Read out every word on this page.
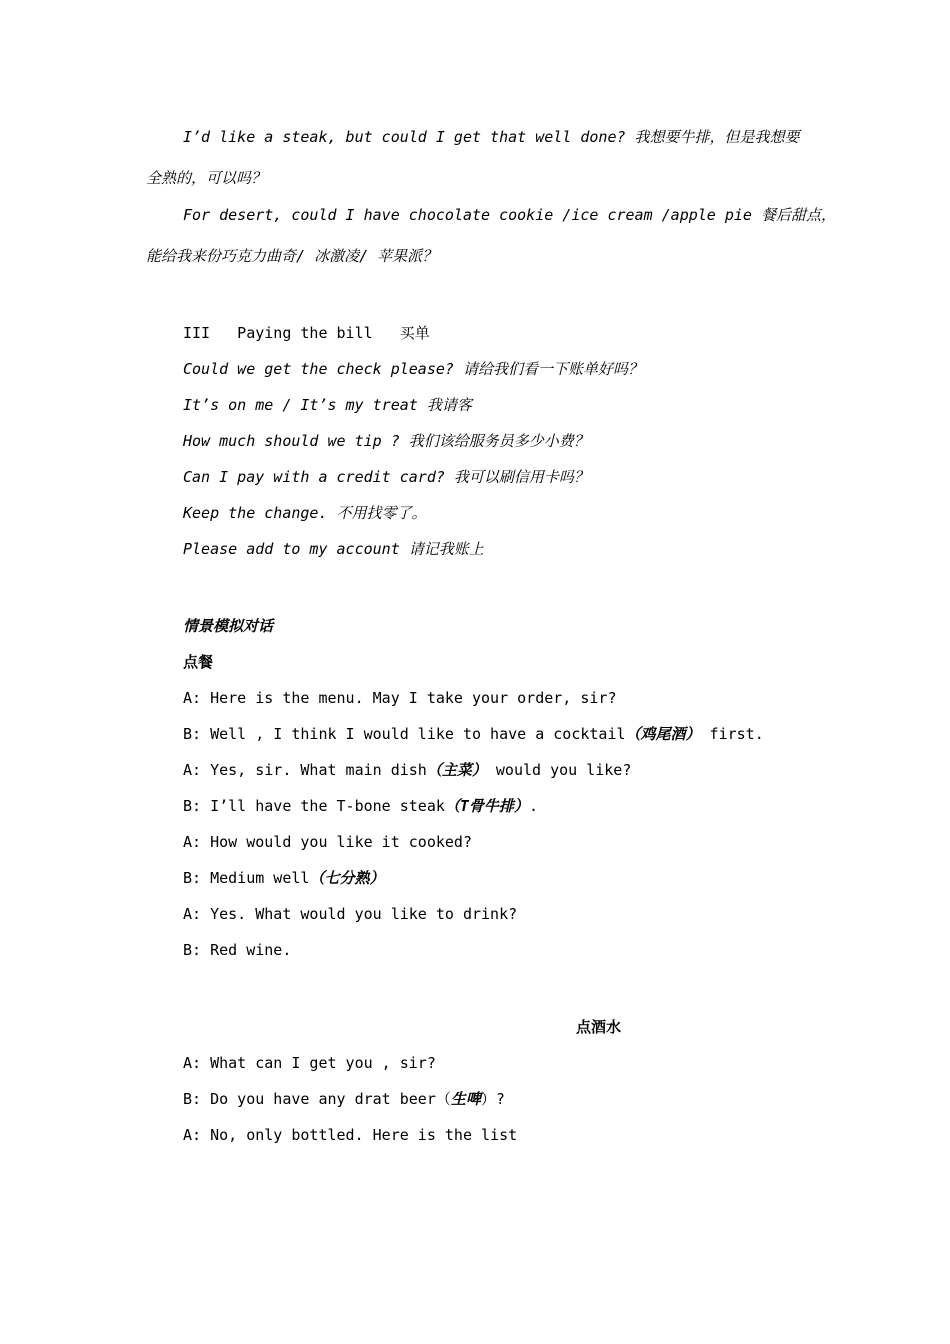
I’d like a steak, but could I get that well done? 我想要牛排，但是我想要
全熟的，可以吗？
For desert, could I have chocolate cookie /ice cream /apple pie 餐后甜点，
能给我来份巧克力曲奇/ 冰激凌/ 苹果派？
III   Paying the bill   买单
Could we get the check please? 请给我们看一下账单好吗？
It’s on me / It’s my treat 我请客
How much should we tip ? 我们该给服务员多少小费？
Can I pay with a credit card? 我可以刷信用卡吗？
Keep the change. 不用找零了。
Please add to my account 请记我账上
情景模拟对话
点餐
A: Here is the menu. May I take your order, sir?
B: Well , I think I would like to have a cocktail（鸡尾酒） first.
A: Yes, sir. What main dish（主菜） would you like?
B: I’ll have the T-bone steak（T骨牛排）.
A: How would you like it cooked?
B: Medium well（七分熟）
A: Yes. What would you like to drink?
B: Red wine.
点酒水
A: What can I get you , sir?
B: Do you have any drat beer（生啤）?
A: No, only bottled. Here is the list
